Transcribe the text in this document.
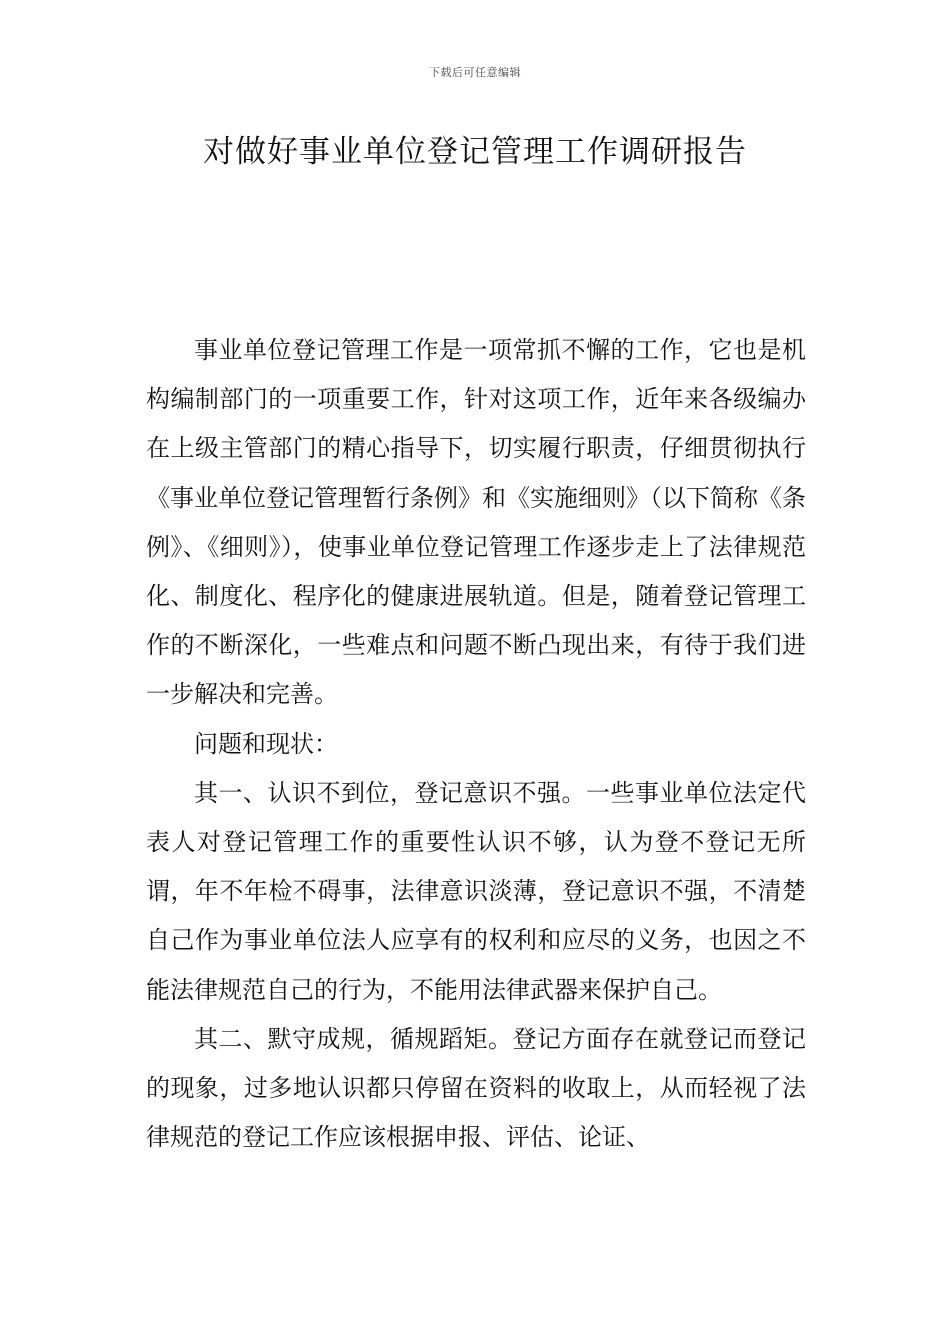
下载后可任意编辑
对做好事业单位登记管理工作调研报告

事业单位登记管理工作是一项常抓不懈的工作，它也是机构编制部门的一项重要工作，针对这项工作，近年来各级编办在上级主管部门的精心指导下，切实履行职责，仔细贯彻执行《事业单位登记管理暂行条例》和《实施细则》（以下简称《条例》、《细则》），使事业单位登记管理工作逐步走上了法律规范化、制度化、程序化的健康进展轨道。但是，随着登记管理工作的不断深化，一些难点和问题不断凸现出来，有待于我们进一步解决和完善。

问题和现状：

其一、认识不到位，登记意识不强。一些事业单位法定代表人对登记管理工作的重要性认识不够，认为登不登记无所谓，年不年检不碍事，法律意识淡薄，登记意识不强，不清楚自己作为事业单位法人应享有的权利和应尽的义务，也因之不能法律规范自己的行为，不能用法律武器来保护自己。

其二、默守成规，循规蹈矩。登记方面存在就登记而登记的现象，过多地认识都只停留在资料的收取上，从而轻视了法律规范的登记工作应该根据申报、评估、论证、
